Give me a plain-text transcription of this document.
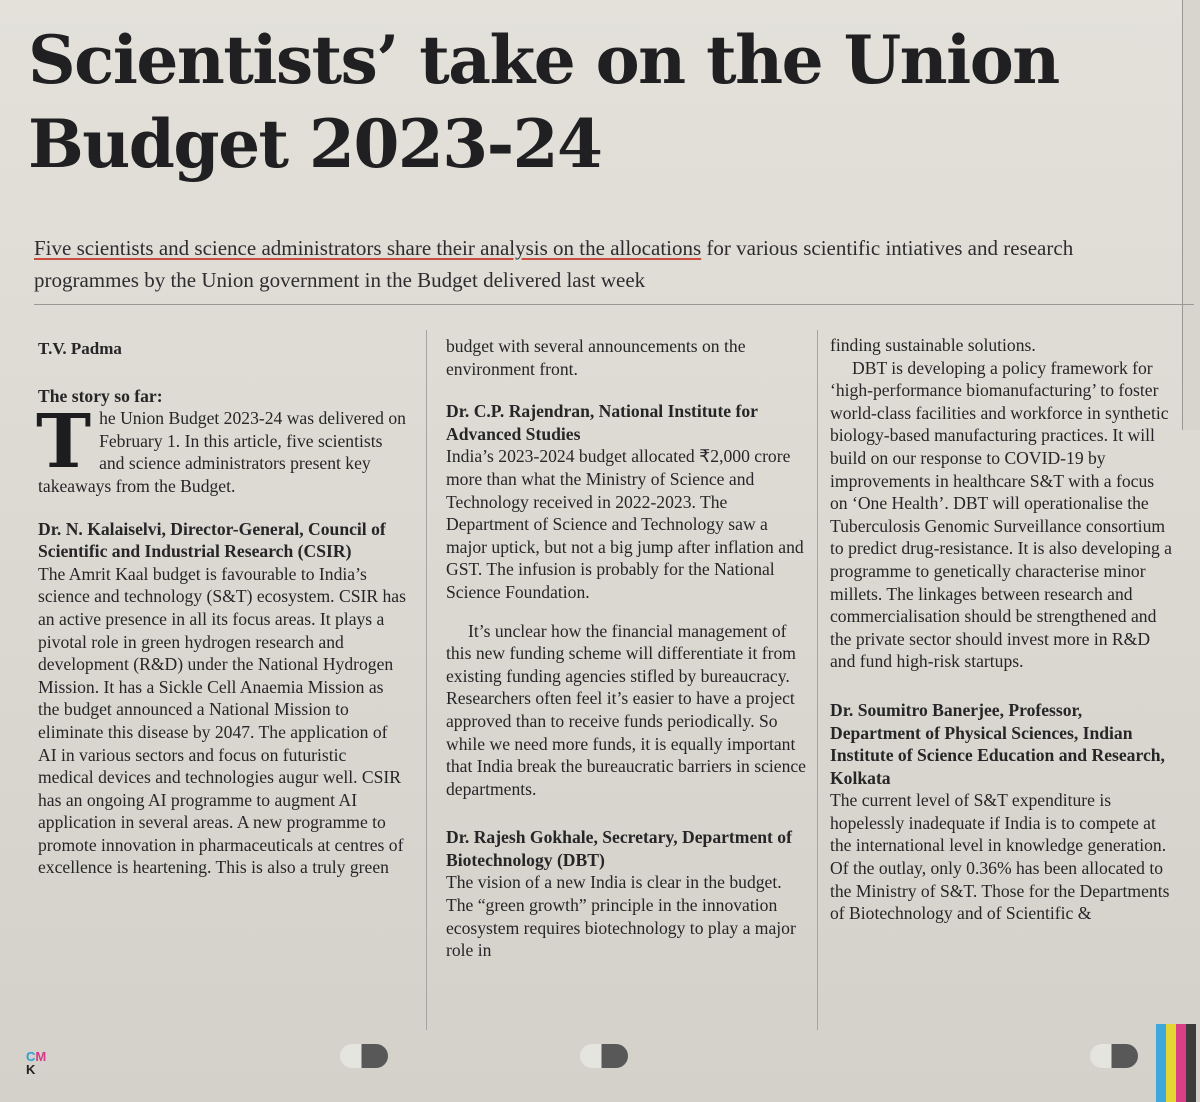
Scientists’ take on the Union Budget 2023-24

Five scientists and science administrators share their analysis on the allocations for various scientific intiatives and research programmes by the Union government in the Budget delivered last week

T.V. Padma

The story so far:

The Union Budget 2023-24 was delivered on February 1. In this article, five scientists and science administrators present key takeaways from the Budget.

Dr. N. Kalaiselvi, Director-General, Council of Scientific and Industrial Research (CSIR)

The Amrit Kaal budget is favourable to India’s science and technology (S&T) ecosystem. CSIR has an active presence in all its focus areas. It plays a pivotal role in green hydrogen research and development (R&D) under the National Hydrogen Mission. It has a Sickle Cell Anaemia Mission as the budget announced a National Mission to eliminate this disease by 2047. The application of AI in various sectors and focus on futuristic medical devices and technologies augur well. CSIR has an ongoing AI programme to augment AI application in several areas. A new programme to promote innovation in pharmaceuticals at centres of excellence is heartening. This is also a truly green

budget with several announcements on the environment front.

Dr. C.P. Rajendran, National Institute for Advanced Studies

India’s 2023-2024 budget allocated ₹2,000 crore more than what the Ministry of Science and Technology received in 2022-2023. The Department of Science and Technology saw a major uptick, but not a big jump after inflation and GST. The infusion is probably for the National Science Foundation.

It’s unclear how the financial management of this new funding scheme will differentiate it from existing funding agencies stifled by bureaucracy. Researchers often feel it’s easier to have a project approved than to receive funds periodically. So while we need more funds, it is equally important that India break the bureaucratic barriers in science departments.

Dr. Rajesh Gokhale, Secretary, Department of Biotechnology (DBT)

The vision of a new India is clear in the budget. The “green growth” principle in the innovation ecosystem requires biotechnology to play a major role in

finding sustainable solutions.

DBT is developing a policy framework for ‘high-performance biomanufacturing’ to foster world-class facilities and workforce in synthetic biology-based manufacturing practices. It will build on our response to COVID-19 by improvements in healthcare S&T with a focus on ‘One Health’. DBT will operationalise the Tuberculosis Genomic Surveillance consortium to predict drug-resistance. It is also developing a programme to genetically characterise minor millets. The linkages between research and commercialisation should be strengthened and the private sector should invest more in R&D and fund high-risk startups.

Dr. Soumitro Banerjee, Professor, Department of Physical Sciences, Indian Institute of Science Education and Research, Kolkata

The current level of S&T expenditure is hopelessly inadequate if India is to compete at the international level in knowledge generation. Of the outlay, only 0.36% has been allocated to the Ministry of S&T. Those for the Departments of Biotechnology and of Scientific &

CM
K
